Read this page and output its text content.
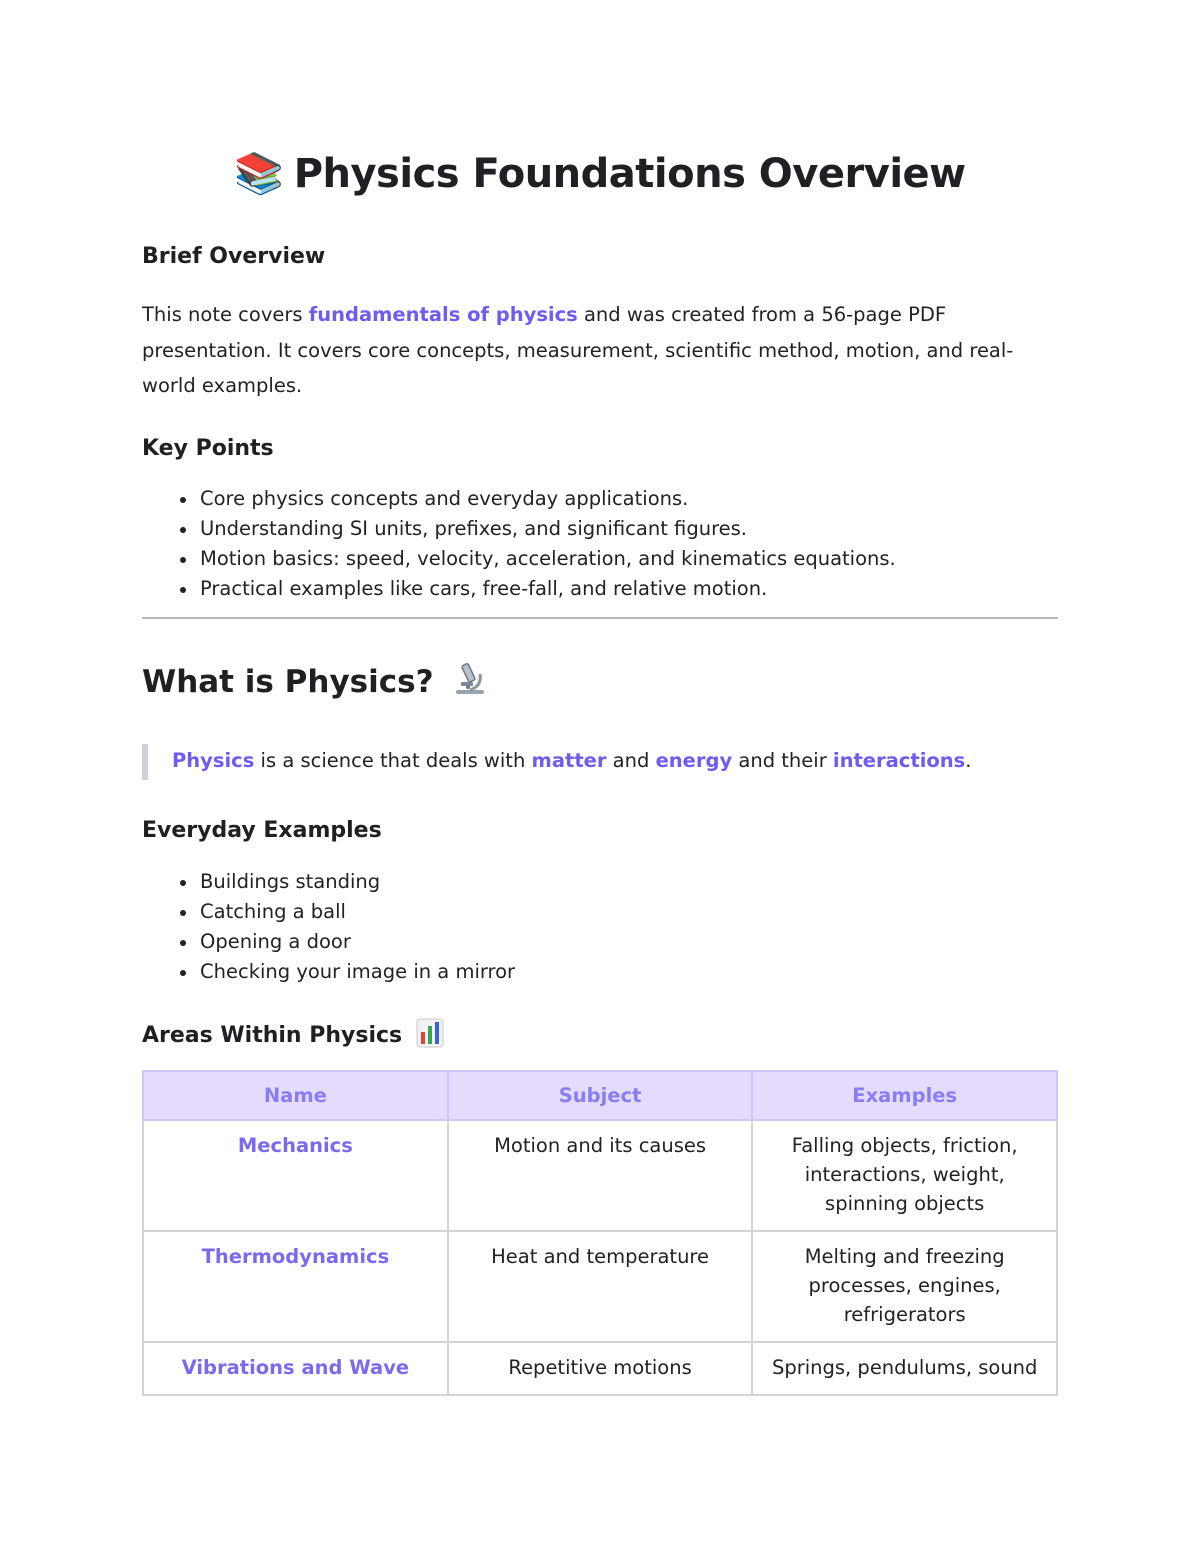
📚 Physics Foundations Overview
Brief Overview
This note covers fundamentals of physics and was created from a 56-page PDF presentation. It covers core concepts, measurement, scientific method, motion, and real-world examples.
Key Points
Core physics concepts and everyday applications.
Understanding SI units, prefixes, and significant figures.
Motion basics: speed, velocity, acceleration, and kinematics equations.
Practical examples like cars, free-fall, and relative motion.
What is Physics?
Physics is a science that deals with matter and energy and their interactions.
Everyday Examples
Buildings standing
Catching a ball
Opening a door
Checking your image in a mirror
Areas Within Physics
Name	Subject	Examples
Mechanics	Motion and its causes	Falling objects, friction, interactions, weight, spinning objects
Thermodynamics	Heat and temperature	Melting and freezing processes, engines, refrigerators
Vibrations and Wave	Repetitive motions	Springs, pendulums, sound
